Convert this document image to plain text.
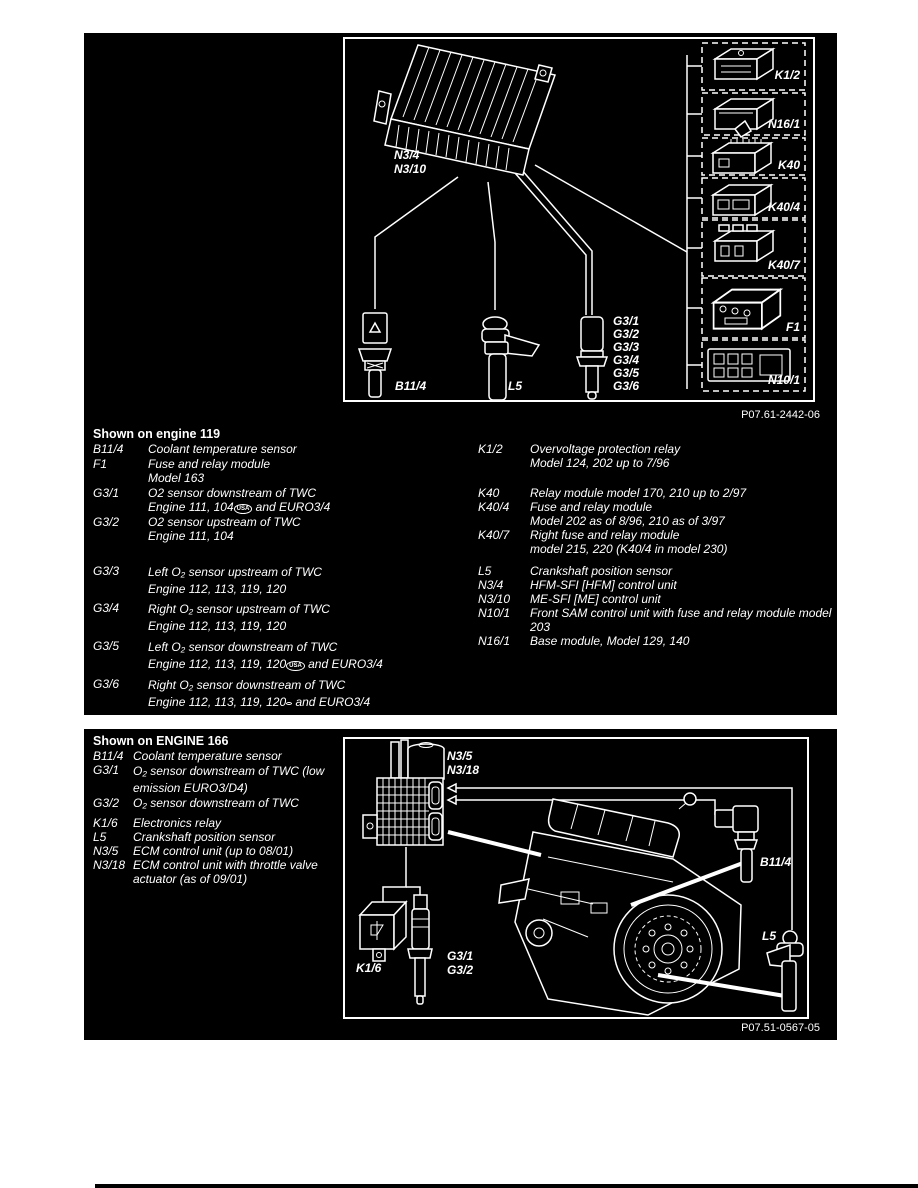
N3/4
N3/10
B11/4	L5
G3/1
G3/2
G3/3
G3/4
G3/5
G3/6
K1/2
N16/1
K40
K40/4
K40/7
F1
N10/1
P07.61-2442-06
Shown on engine 119
B11/4 Coolant temperature sensor
F1	Fuse and relay module
Model 163
G3/1 O2 sensor downstream of TWC
Engine 111, 104 USA and EURO3/4
G3/2 O2 sensor upstream of TWC
Engine 111, 104
G3/3 Left O₂ sensor upstream of TWC
Engine 112, 113, 119, 120
G3/4 Right O₂ sensor upstream of TWC
Engine 112, 113, 119, 120
G3/5 Left O₂ sensor downstream of TWC
Engine 112, 113, 119, 120 USA and EURO3/4
G3/6 Right O₂ sensor downstream of TWC
Engine 112, 113, 119, 120 and EURO3/4
K1/2 Overvoltage protection relay
Model 124, 202 up to 7/96
K40	Relay module model 170, 210 up to 2/97
K40/4 Fuse and relay module
Model 202 as of 8/96, 210 as of 3/97
K40/7 Right fuse and relay module
model 215, 220 (K40/4 in model 230)
L5	Crankshaft position sensor
N3/4 HFM-SFI [HFM] control unit
N3/10 ME-SFI [ME] control unit
N10/1 Front SAM control unit with fuse and relay module model
203
N16/1 Base module, Model 129, 140
Shown on ENGINE 166
B11/4 Coolant temperature sensor
G3/1 O₂ sensor downstream of TWC (low
emission EURO3/D4)
G3/2 O₂ sensor downstream of TWC
K1/6 Electronics relay
L5 Crankshaft position sensor
N3/5 ECM control unit (up to 08/01)
N3/18 ECM control unit with throttle valve
actuator (as of 09/01)
N3/5
N3/18
B11/4
L5
K1/6
G3/1
G3/2
P07.51-0567-05
